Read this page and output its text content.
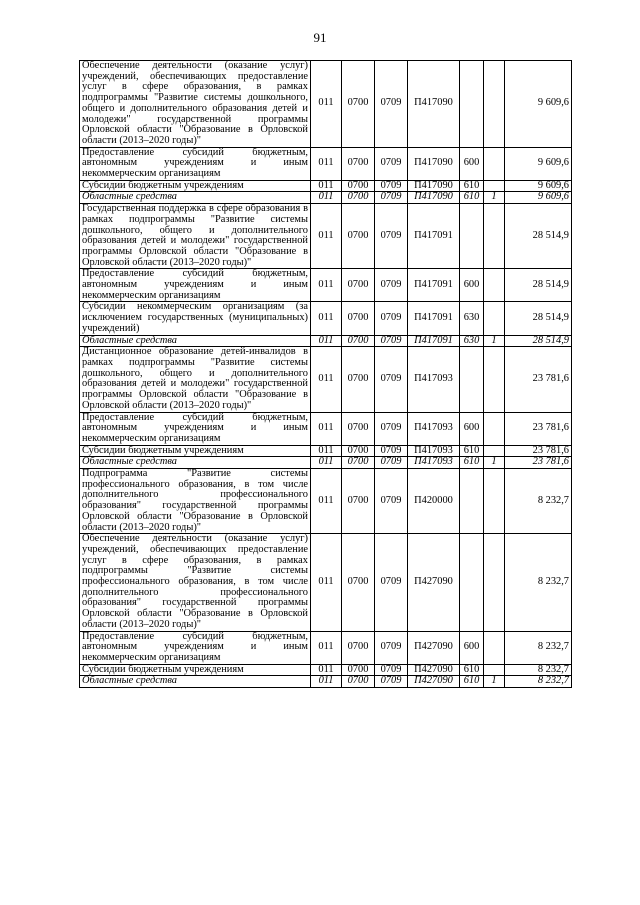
91
Обеспечение деятельности (оказание услуг) учреждений, обеспечивающих предоставление услуг в сфере образования, в рамках подпрограммы "Развитие системы дошкольного, общего и дополнительного образования детей и молодежи" государственной программы Орловской области "Образование в Орловской области (2013–2020 годы)"	011	0700	0709	П417090			9 609,6
Предоставление субсидий бюджетным, автономным учреждениям и иным некоммерческим организациям	011	0700	0709	П417090	600		9 609,6
Субсидии бюджетным учреждениям	011	0700	0709	П417090	610		9 609,6
Областные средства	011	0700	0709	П417090	610	1	9 609,6
Государственная поддержка в сфере образования в рамках подпрограммы "Развитие системы дошкольного, общего и дополнительного образования детей и молодежи" государственной программы Орловской области "Образование в Орловской области (2013–2020 годы)"	011	0700	0709	П417091			28 514,9
Предоставление субсидий бюджетным, автономным учреждениям и иным некоммерческим организациям	011	0700	0709	П417091	600		28 514,9
Субсидии некоммерческим организациям (за исключением государственных (муниципальных) учреждений)	011	0700	0709	П417091	630		28 514,9
Областные средства	011	0700	0709	П417091	630	1	28 514,9
Дистанционное образование детей-инвалидов в рамках подпрограммы "Развитие системы дошкольного, общего и дополнительного образования детей и молодежи" государственной программы Орловской области "Образование в Орловской области (2013–2020 годы)"	011	0700	0709	П417093			23 781,6
Предоставление субсидий бюджетным, автономным учреждениям и иным некоммерческим организациям	011	0700	0709	П417093	600		23 781,6
Субсидии бюджетным учреждениям	011	0700	0709	П417093	610		23 781,6
Областные средства	011	0700	0709	П417093	610	1	23 781,6
Подпрограмма "Развитие системы профессионального образования, в том числе дополнительного профессионального образования" государственной программы Орловской области "Образование в Орловской области (2013–2020 годы)"	011	0700	0709	П420000			8 232,7
Обеспечение деятельности (оказание услуг) учреждений, обеспечивающих предоставление услуг в сфере образования, в рамках подпрограммы "Развитие системы профессионального образования, в том числе дополнительного профессионального образования" государственной программы Орловской области "Образование в Орловской области (2013–2020 годы)"	011	0700	0709	П427090			8 232,7
Предоставление субсидий бюджетным, автономным учреждениям и иным некоммерческим организациям	011	0700	0709	П427090	600		8 232,7
Субсидии бюджетным учреждениям	011	0700	0709	П427090	610		8 232,7
Областные средства	011	0700	0709	П427090	610	1	8 232,7
